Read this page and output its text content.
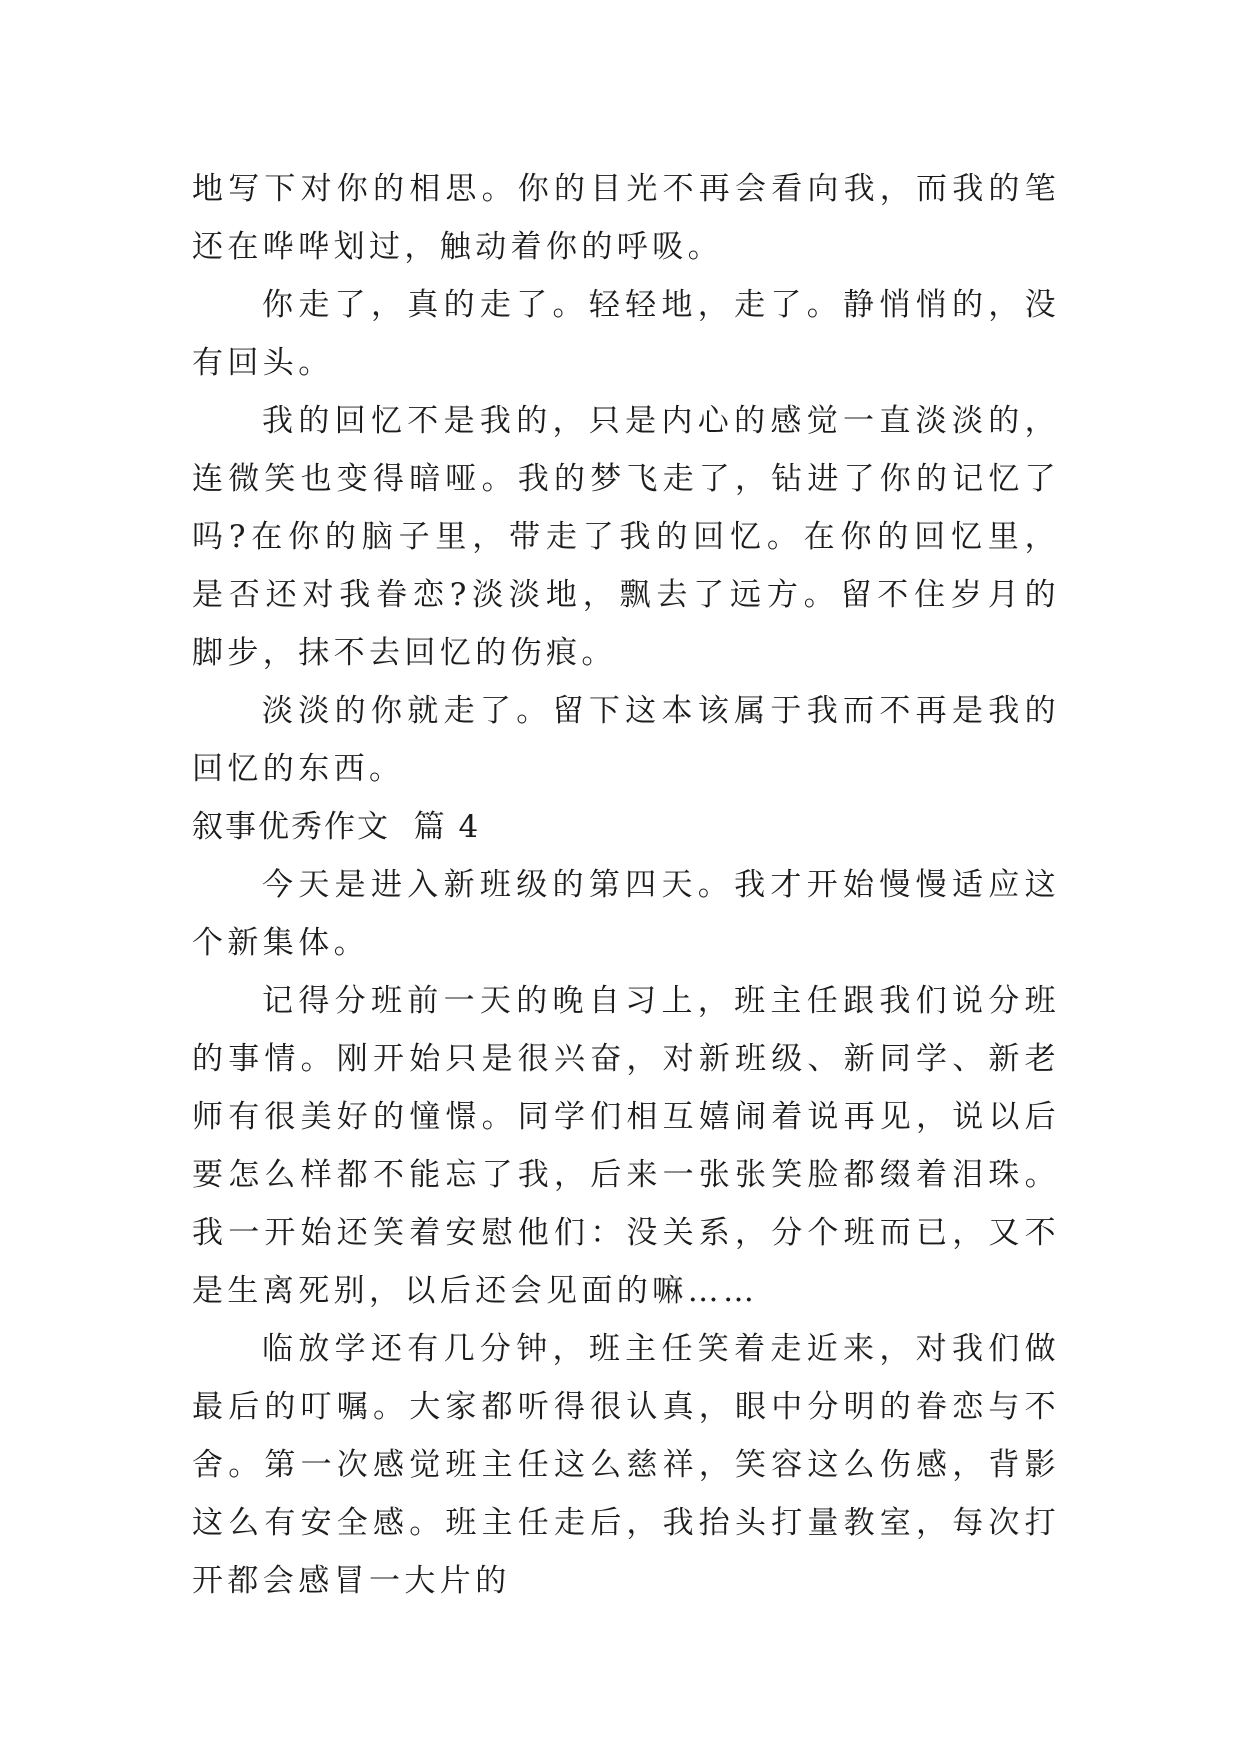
地写下对你的相思。你的目光不再会看向我，而我的笔还在哗哗划过，触动着你的呼吸。

你走了，真的走了。轻轻地，走了。静悄悄的，没有回头。

我的回忆不是我的，只是内心的感觉一直淡淡的，连微笑也变得暗哑。我的梦飞走了，钻进了你的记忆了吗?在你的脑子里，带走了我的回忆。在你的回忆里，是否还对我眷恋?淡淡地，飘去了远方。留不住岁月的脚步，抹不去回忆的伤痕。

淡淡的你就走了。留下这本该属于我而不再是我的回忆的东西。

叙事优秀作文  篇 4

今天是进入新班级的第四天。我才开始慢慢适应这个新集体。

记得分班前一天的晚自习上，班主任跟我们说分班的事情。刚开始只是很兴奋，对新班级、新同学、新老师有很美好的憧憬。同学们相互嬉闹着说再见，说以后要怎么样都不能忘了我，后来一张张笑脸都缀着泪珠。我一开始还笑着安慰他们：没关系，分个班而已，又不是生离死别，以后还会见面的嘛……

临放学还有几分钟，班主任笑着走近来，对我们做最后的叮嘱。大家都听得很认真，眼中分明的眷恋与不舍。第一次感觉班主任这么慈祥，笑容这么伤感，背影这么有安全感。班主任走后，我抬头打量教室，每次打开都会感冒一大片的
